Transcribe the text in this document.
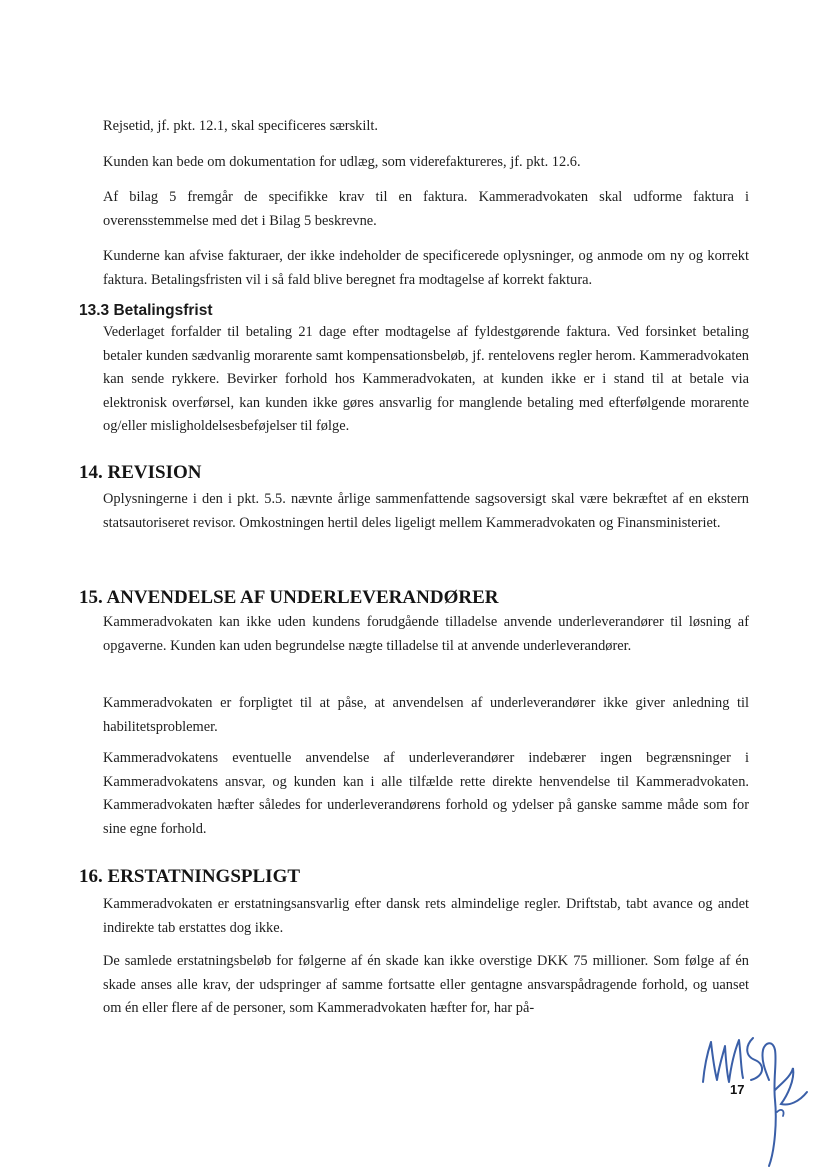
Rejsetid, jf. pkt. 12.1, skal specificeres særskilt.

Kunden kan bede om dokumentation for udlæg, som viderefaktureres, jf. pkt. 12.6.

Af bilag 5 fremgår de specifikke krav til en faktura. Kammeradvokaten skal udforme faktura i overensstemmelse med det i Bilag 5 beskrevne.

Kunderne kan afvise fakturaer, der ikke indeholder de specificerede oplysninger, og anmode om ny og korrekt faktura. Betalingsfristen vil i så fald blive beregnet fra modtagelse af korrekt faktura.

13.3 Betalingsfrist

Vederlaget forfalder til betaling 21 dage efter modtagelse af fyldestgørende faktura. Ved forsinket betaling betaler kunden sædvanlig morarente samt kompensationsbeløb, jf. rentelovens regler herom. Kammeradvokaten kan sende rykkere. Bevirker forhold hos Kammeradvokaten, at kunden ikke er i stand til at betale via elektronisk overførsel, kan kunden ikke gøres ansvarlig for manglende betaling med efterfølgende morarente og/eller misligholdelsesbeføjelser til følge.

14. REVISION

Oplysningerne i den i pkt. 5.5. nævnte årlige sammenfattende sagsoversigt skal være bekræftet af en ekstern statsautoriseret revisor. Omkostningen hertil deles ligeligt mellem Kammeradvokaten og Finansministeriet.

15. ANVENDELSE AF UNDERLEVERANDØRER

Kammeradvokaten kan ikke uden kundens forudgående tilladelse anvende underleverandører til løsning af opgaverne. Kunden kan uden begrundelse nægte tilladelse til at anvende underleverandører.

Kammeradvokaten er forpligtet til at påse, at anvendelsen af underleverandører ikke giver anledning til habilitetsproblemer.

Kammeradvokatens eventuelle anvendelse af underleverandører indebærer ingen begrænsninger i Kammeradvokatens ansvar, og kunden kan i alle tilfælde rette direkte henvendelse til Kammeradvokaten. Kammeradvokaten hæfter således for underleverandørens forhold og ydelser på ganske samme måde som for sine egne forhold.

16. ERSTATNINGSPLIGT

Kammeradvokaten er erstatningsansvarlig efter dansk rets almindelige regler. Driftstab, tabt avance og andet indirekte tab erstattes dog ikke.

De samlede erstatningsbeløb for følgerne af én skade kan ikke overstige DKK 75 millioner. Som følge af én skade anses alle krav, der udspringer af samme fortsatte eller gentagne ansvarspådragende forhold, og uanset om én eller flere af de personer, som Kammeradvokaten hæfter for, har på-

17
